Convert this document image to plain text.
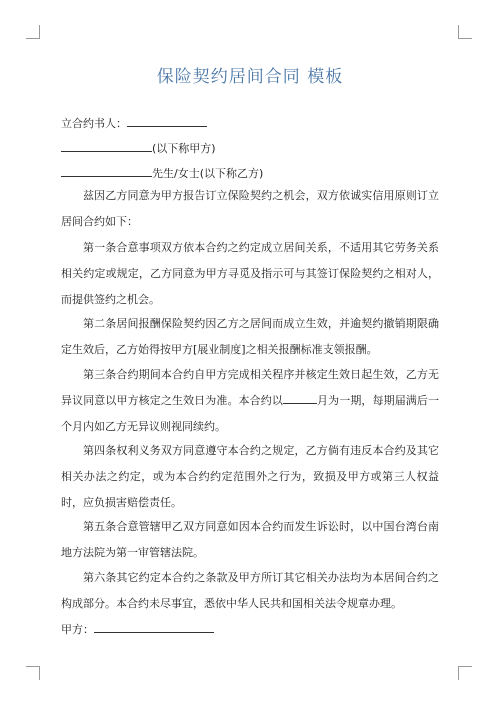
保险契约居间合同 模板
立合约书人：
(以下称甲方)
先生/女士(以下称乙方)
兹因乙方同意为甲方报告订立保险契约之机会，双方依诚实信用原则订立居间合约如下：
第一条合意事项双方依本合约之约定成立居间关系，不适用其它劳务关系相关约定或规定，乙方同意为甲方寻觅及指示可与其签订保险契约之相对人，而提供签约之机会。
第二条居间报酬保险契约因乙方之居间而成立生效，并逾契约撤销期限确定生效后，乙方始得按甲方[展业制度]之相关报酬标准支领报酬。
第三条合约期间本合约自甲方完成相关程序并核定生效日起生效，乙方无异议同意以甲方核定之生效日为准。本合约以	月为一期，每期届满后一个月内如乙方无异议则视同续约。
第四条权利义务双方同意遵守本合约之规定，乙方倘有违反本合约及其它相关办法之约定，或为本合约约定范围外之行为，致损及甲方或第三人权益时，应负损害赔偿责任。
第五条合意管辖甲乙双方同意如因本合约而发生诉讼时，以中国台湾台南地方法院为第一审管辖法院。
第六条其它约定本合约之条款及甲方所订其它相关办法均为本居间合约之构成部分。本合约未尽事宜，悉依中华人民共和国相关法令规章办理。
甲方：
